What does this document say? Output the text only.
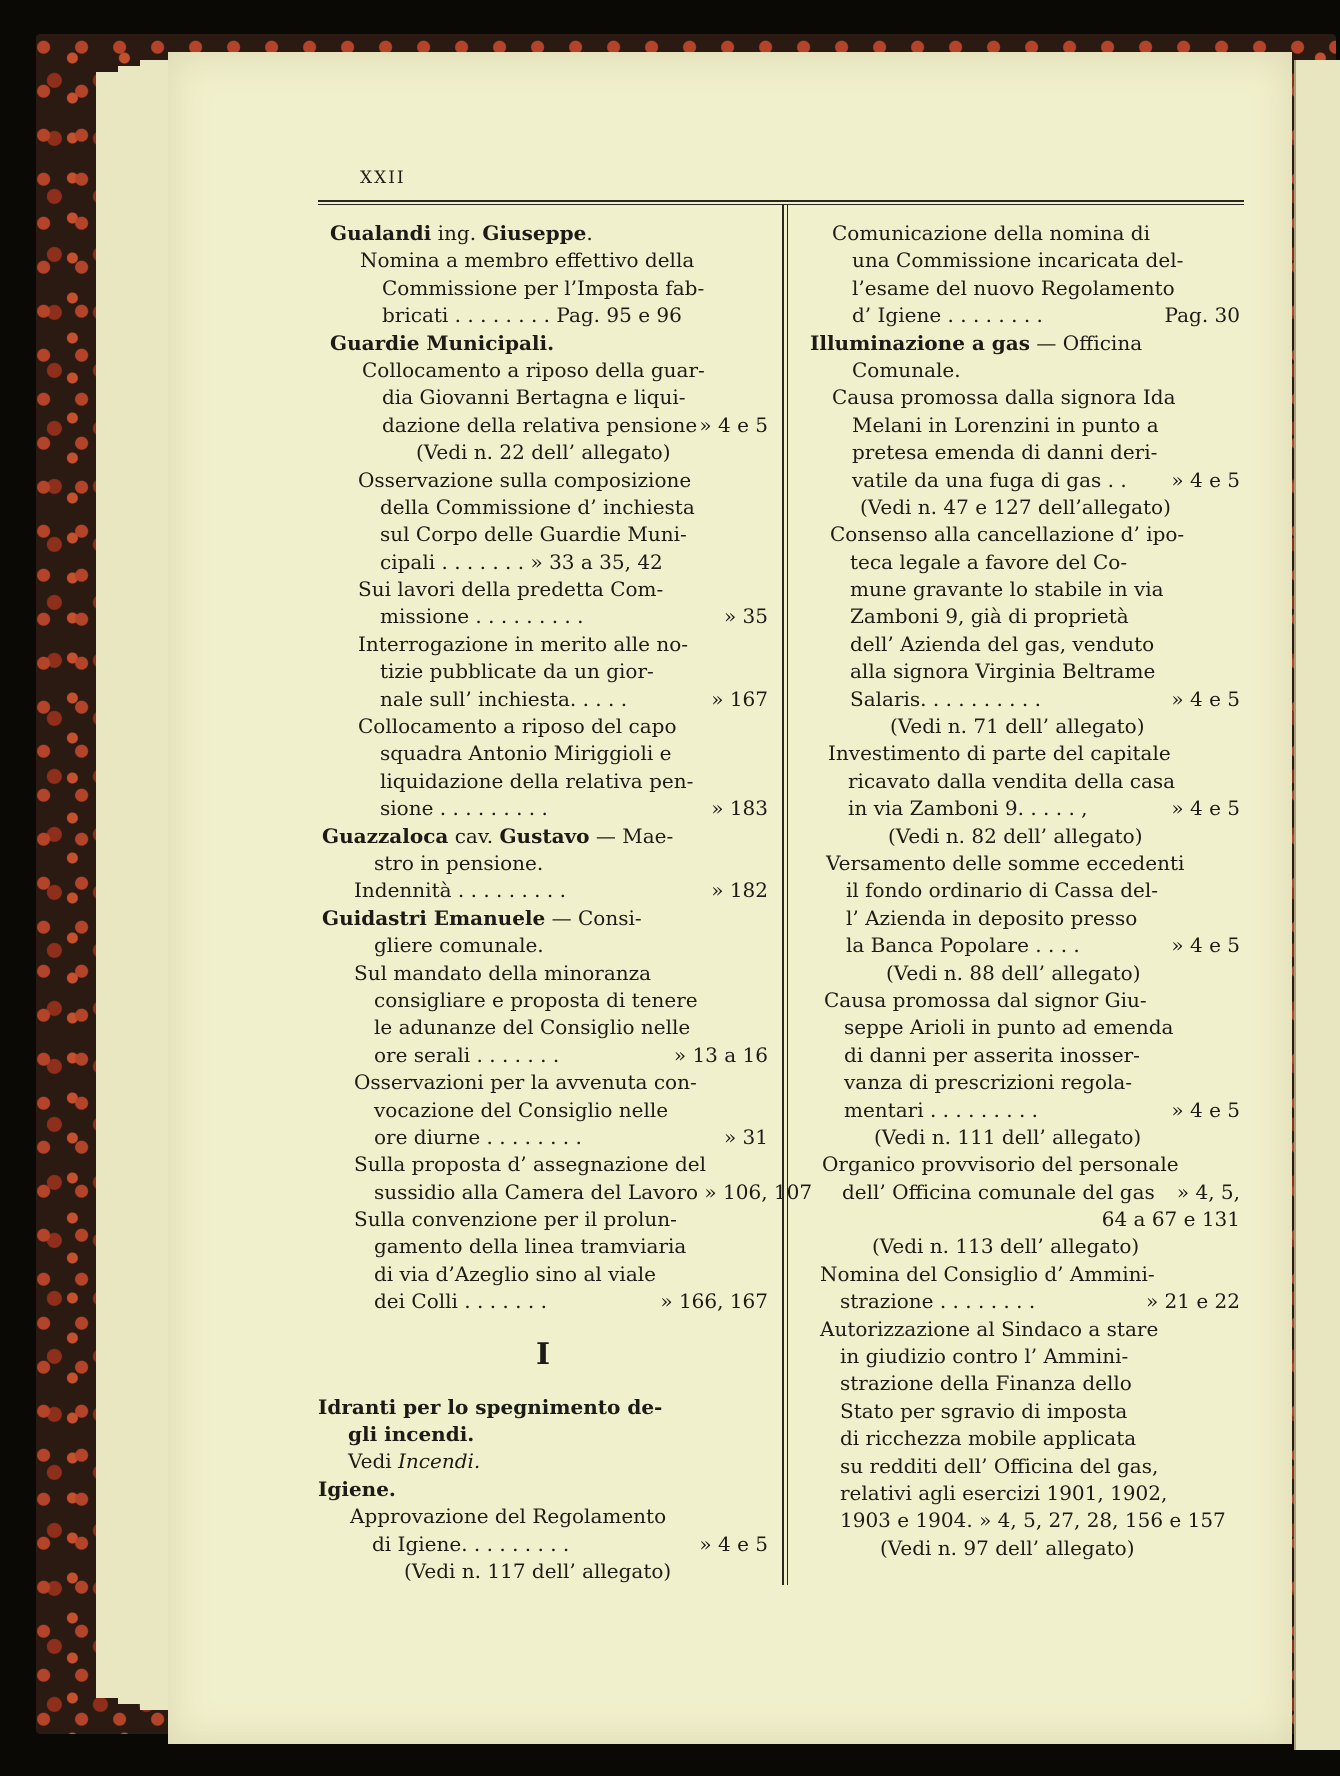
XXII
Gualandi ing. Giuseppe.
Nomina a membro effettivo della
Commissione per l’Imposta fab-
bricati . . . . . . . . Pag. 95 e 96
Guardie Municipali.
Collocamento a riposo della guar-
dia Giovanni Bertagna e liqui-
dazione della relativa pensione » 4 e 5
(Vedi n. 22 dell’ allegato)
Osservazione sulla composizione
della Commissione d’ inchiesta
sul Corpo delle Guardie Muni-
cipali . . . . . . . » 33 a 35, 42
Sui lavori della predetta Com-
missione . . . . . . . . .	» 35
Interrogazione in merito alle no-
tizie pubblicate da un gior-
nale sull’ inchiesta. . . . .	» 167
Collocamento a riposo del capo
squadra Antonio Miriggioli e
liquidazione della relativa pen-
sione . . . . . . . . .	» 183
Guazzaloca cav. Gustavo — Mae-
stro in pensione.
Indennità . . . . . . . . .	» 182
Guidastri Emanuele — Consi-
gliere comunale.
Sul mandato della minoranza
consigliare e proposta di tenere
le adunanze del Consiglio nelle
ore serali . . . . . . .	» 13 a 16
Osservazioni per la avvenuta con-
vocazione del Consiglio nelle
ore diurne . . . . . . . .	» 31
Sulla proposta d’ assegnazione del
sussidio alla Camera del Lavoro » 106, 107
Sulla convenzione per il prolun-
gamento della linea tramviaria
di via d’Azeglio sino al viale
dei Colli . . . . . . .	» 166, 167
I
Idranti per lo spegnimento de-
gli incendi.
Vedi Incendi.
Igiene.
Approvazione del Regolamento
di Igiene. . . . . . . . .	» 4 e 5
(Vedi n. 117 dell’ allegato)
Comunicazione della nomina di
una Commissione incaricata del-
l’esame del nuovo Regolamento
d’ Igiene . . . . . . . .	Pag. 30
Illuminazione a gas — Officina
Comunale.
Causa promossa dalla signora Ida
Melani in Lorenzini in punto a
pretesa emenda di danni deri-
vatile da una fuga di gas . . » 4 e 5
(Vedi n. 47 e 127 dell’allegato)
Consenso alla cancellazione d’ ipo-
teca legale a favore del Co-
mune gravante lo stabile in via
Zamboni 9, già di proprietà
dell’ Azienda del gas, venduto
alla signora Virginia Beltrame
Salaris. . . . . . . . . .	» 4 e 5
(Vedi n. 71 dell’ allegato)
Investimento di parte del capitale
ricavato dalla vendita della casa
in via Zamboni 9. . . . . ,	» 4 e 5
(Vedi n. 82 dell’ allegato)
Versamento delle somme eccedenti
il fondo ordinario di Cassa del-
l’ Azienda in deposito presso
la Banca Popolare . . . .	» 4 e 5
(Vedi n. 88 dell’ allegato)
Causa promossa dal signor Giu-
seppe Arioli in punto ad emenda
di danni per asserita inosser-
vanza di prescrizioni regola-
mentari . . . . . . . . .	» 4 e 5
(Vedi n. 111 dell’ allegato)
Organico provvisorio del personale
dell’ Officina comunale del gas » 4, 5,
64 a 67 e 131
(Vedi n. 113 dell’ allegato)
Nomina del Consiglio d’ Ammini-
strazione . . . . . . . .	» 21 e 22
Autorizzazione al Sindaco a stare
in giudizio contro l’ Ammini-
strazione della Finanza dello
Stato per sgravio di imposta
di ricchezza mobile applicata
su redditi dell’ Officina del gas,
relativi agli esercizi 1901, 1902,
1903 e 1904. » 4, 5, 27, 28, 156 e 157
(Vedi n. 97 dell’ allegato)
